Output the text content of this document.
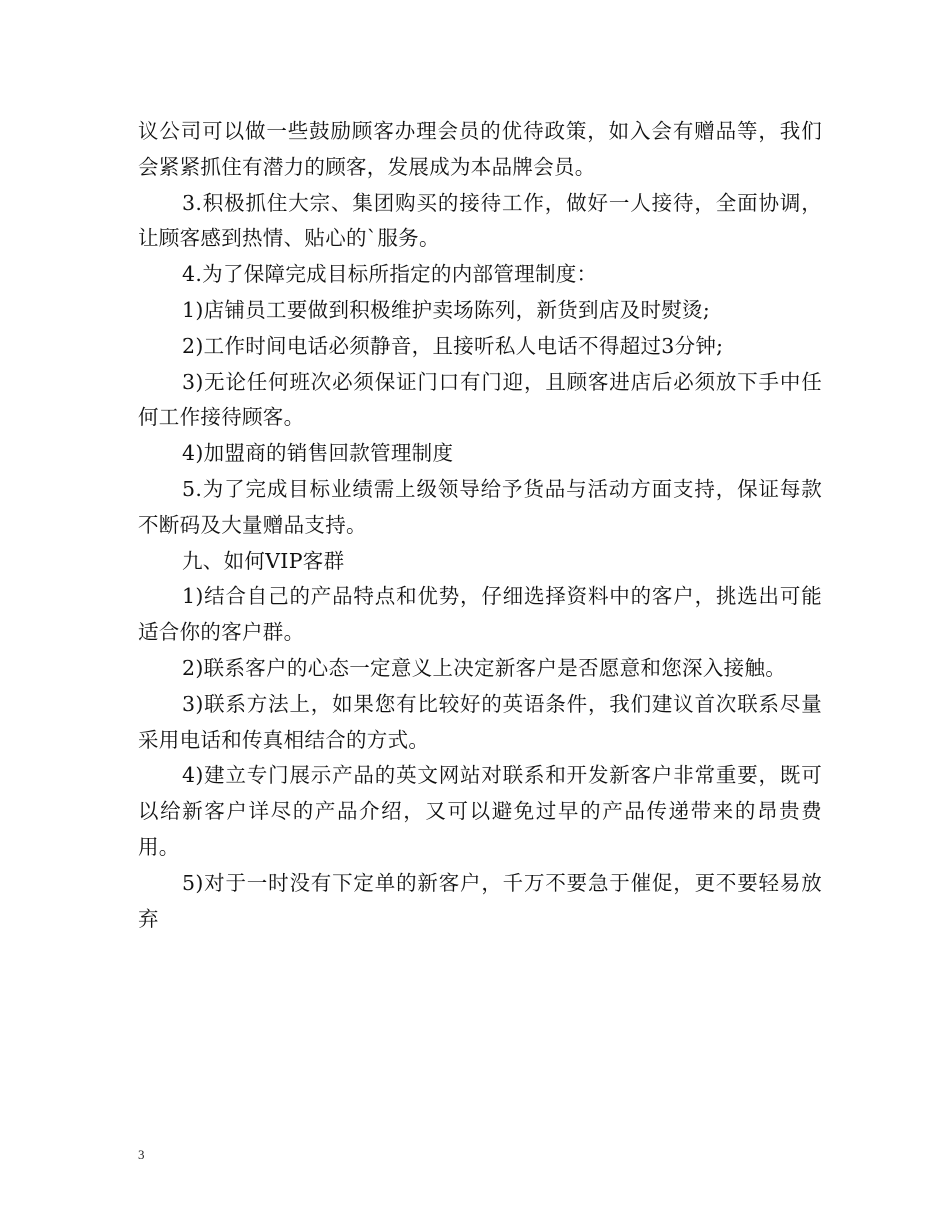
议公司可以做一些鼓励顾客办理会员的优待政策，如入会有赠品等，我们会紧紧抓住有潜力的顾客，发展成为本品牌会员。

3.积极抓住大宗、集团购买的接待工作，做好一人接待，全面协调，让顾客感到热情、贴心的`服务。

4.为了保障完成目标所指定的内部管理制度：

1)店铺员工要做到积极维护卖场陈列，新货到店及时熨烫;

2)工作时间电话必须静音，且接听私人电话不得超过3分钟;

3)无论任何班次必须保证门口有门迎，且顾客进店后必须放下手中任何工作接待顾客。

4)加盟商的销售回款管理制度

5.为了完成目标业绩需上级领导给予货品与活动方面支持，保证每款不断码及大量赠品支持。

九、如何VIP客群

1)结合自己的产品特点和优势，仔细选择资料中的客户，挑选出可能适合你的客户群。

2)联系客户的心态一定意义上决定新客户是否愿意和您深入接触。

3)联系方法上，如果您有比较好的英语条件，我们建议首次联系尽量采用电话和传真相结合的方式。

4)建立专门展示产品的英文网站对联系和开发新客户非常重要，既可以给新客户详尽的产品介绍，又可以避免过早的产品传递带来的昂贵费用。

5)对于一时没有下定单的新客户，千万不要急于催促，更不要轻易放弃

3
